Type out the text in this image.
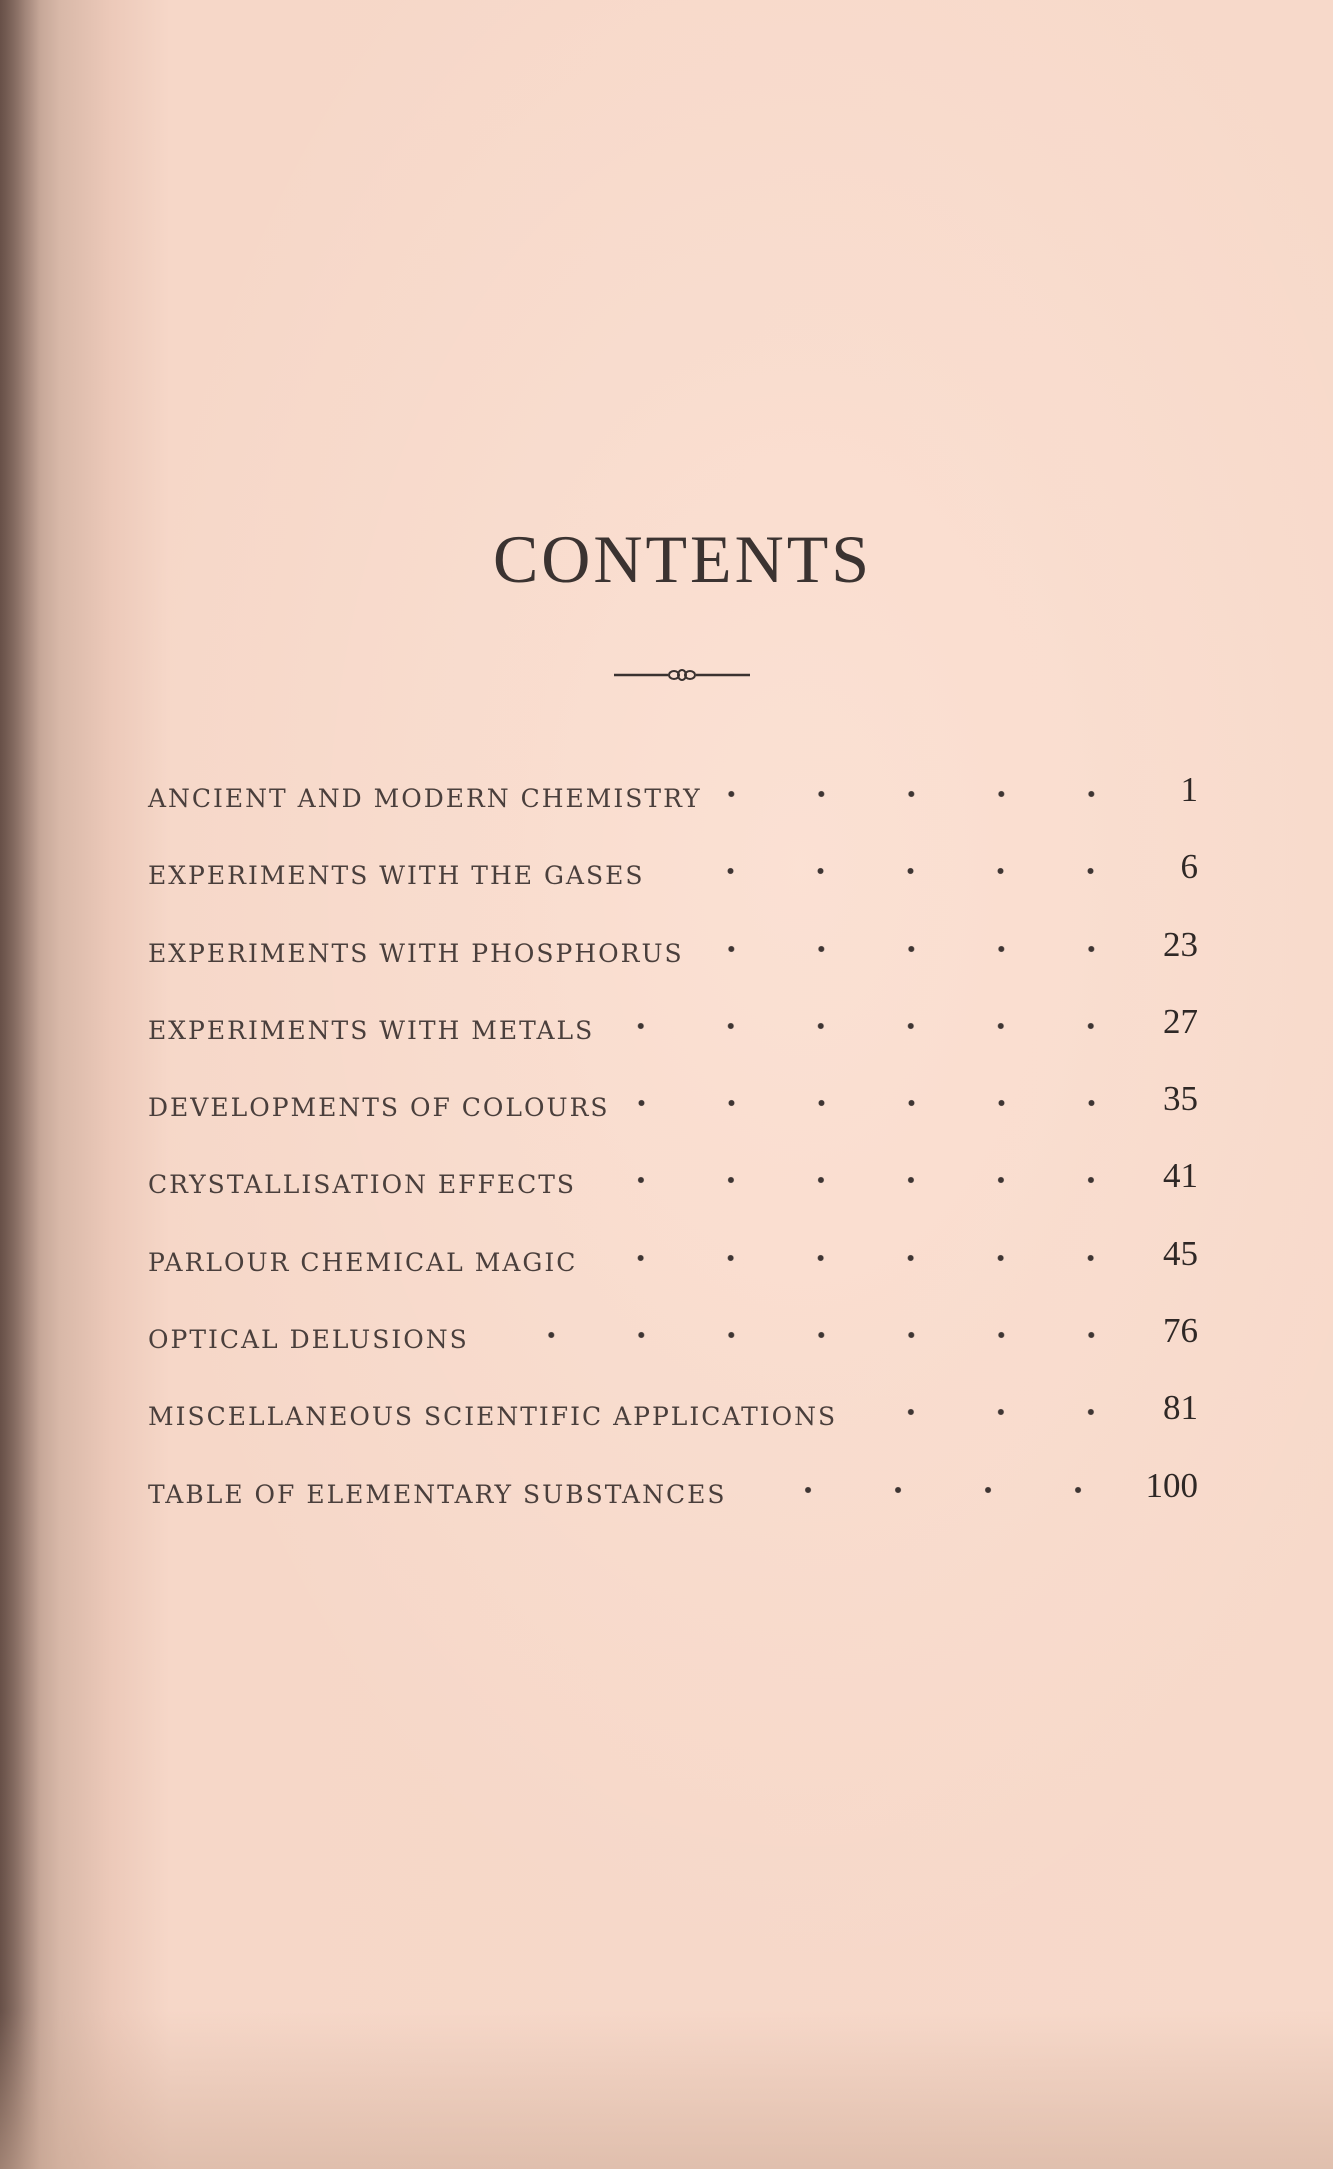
CONTENTS
ANCIENT AND MODERN CHEMISTRY	1
EXPERIMENTS WITH THE GASES	6
EXPERIMENTS WITH PHOSPHORUS	23
EXPERIMENTS WITH METALS	27
DEVELOPMENTS OF COLOURS	35
CRYSTALLISATION EFFECTS	41
PARLOUR CHEMICAL MAGIC	45
OPTICAL DELUSIONS	76
MISCELLANEOUS SCIENTIFIC APPLICATIONS	81
TABLE OF ELEMENTARY SUBSTANCES	100
